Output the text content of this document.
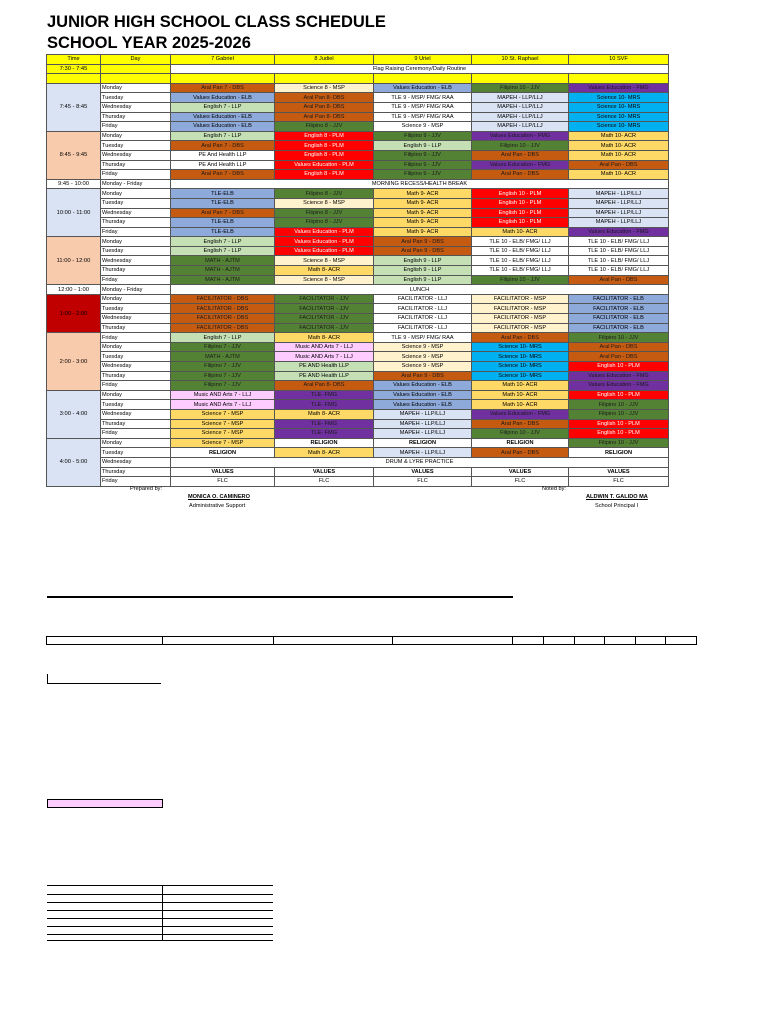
JUNIOR HIGH SCHOOL CLASS SCHEDULE
SCHOOL YEAR 2025-2026
Time	Day	7 Gabriel	8 Judiel	9 Uriel	10 St. Raphael	10 SVF
7:30 - 7:45		Flag Raising Ceremony/Daily Routine				

7:45 - 8:45	Monday	Aral Pan 7 - DBS	Science 8 - MSP	Values Education - ELB	Filipino 10 - JJV	Values Education - FMG
	Tuesday	Values Education - ELB	Aral Pan 8- DBS	TLE 9 - MSP/ FMG/ RAA	MAPEH - LLP/LLJ	Science 10- MRS
	Wednesday	English 7 - LLP	Aral Pan 8- DBS	TLE 9 - MSP/ FMG/ RAA	MAPEH - LLP/LLJ	Science 10- MRS
	Thursday	Values Education - ELB	Aral Pan 8- DBS	TLE 9 - MSP/ FMG/ RAA	MAPEH - LLP/LLJ	Science 10- MRS
	Friday	Values Education - ELB	Filipino 8 - JJV	Science 9 - MSP	MAPEH - LLP/LLJ	Science 10- MRS
8:45 - 9:45	Monday	English 7 - LLP	English 8 - PLM	Filipino 9 - JJV	Values Education - FMG	Math 10- ACR
	Tuesday	Aral Pan 7 - DBS	English 8 - PLM	English 9 - LLP	Filipino 10 - JJV	Math 10- ACR
	Wednesday	PE And Health LLP	English 8 - PLM	Filipino 9 - JJV	Aral Pan - DBS	Math 10- ACR
	Thursday	PE And Health LLP	Values Education - PLM	Filipino 9 - JJV	Values Education - FMG	Aral Pan - DBS
	Friday	Aral Pan 7 - DBS	English 8 - PLM	Filipino 9 - JJV	Aral Pan - DBS	Math 10- ACR
9:45 - 10:00	Monday - Friday	MORNING RECESS/HEALTH BREAK				
10:00 - 11:00	Monday	TLE-ELB	Filipino 8 - JJV	Math 9- ACR	English 10 - PLM	MAPEH - LLP/LLJ
	Tuesday	TLE-ELB	Science 8 - MSP	Math 9- ACR	English 10 - PLM	MAPEH - LLP/LLJ
	Wednesday	Aral Pan 7 - DBS	Filipino 8 - JJV	Math 9- ACR	English 10 - PLM	MAPEH - LLP/LLJ
	Thursday	TLE-ELB	Filipino 8 - JJV	Math 9- ACR	English 10 - PLM	MAPEH - LLP/LLJ
	Friday	TLE-ELB	Values Education - PLM	Math 9- ACR	Math 10- ACR	Values Education - FMG
11:00 - 12:00	Monday	English 7 - LLP	Values Education - PLM	Aral Pan 9 - DBS	TLE 10 - ELB/ FMG/ LLJ	TLE 10 - ELB/ FMG/ LLJ
	Tuesday	English 7 - LLP	Values Education - PLM	Aral Pan 9 - DBS	TLE 10 - ELB/ FMG/ LLJ	TLE 10 - ELB/ FMG/ LLJ
	Wednesday	MATH - AJTM	Science 8 - MSP	English 9 - LLP	TLE 10 - ELB/ FMG/ LLJ	TLE 10 - ELB/ FMG/ LLJ
	Thursday	MATH - AJTM	Math 8- ACR	English 9 - LLP	TLE 10 - ELB/ FMG/ LLJ	TLE 10 - ELB/ FMG/ LLJ
	Friday	MATH - AJTM	Science 8 - MSP	English 9 - LLP	Filipino 10 - JJV	Aral Pan - DBS
12:00 - 1:00	Monday - Friday	LUNCH				
1:00 - 2:00	Monday	FACILITATOR - DBS	FACILITATOR - JJV	FACILITATOR - LLJ	FACILITATOR - MSP	FACILITATOR - ELB
	Tuesday	FACILITATOR - DBS	FACILITATOR - JJV	FACILITATOR - LLJ	FACILITATOR - MSP	FACILITATOR - ELB
	Wednesday	FACILITATOR - DBS	FACILITATOR - JJV	FACILITATOR - LLJ	FACILITATOR - MSP	FACILITATOR - ELB
	Thursday	FACILITATOR - DBS	FACILITATOR - JJV	FACILITATOR - LLJ	FACILITATOR - MSP	FACILITATOR - ELB
2:00 - 3:00	Friday	English 7 - LLP	Math 8- ACR	TLE 9 - MSP/ FMG/ RAA	Aral Pan - DBS	Filipino 10 - JJV
	Monday	Filipino 7 - JJV	Music AND Arts 7 - LLJ	Science 9 - MSP	Science 10- MRS	Aral Pan - DBS
	Tuesday	MATH - AJTM	Music AND Arts 7 - LLJ	Science 9 - MSP	Science 10- MRS	Aral Pan - DBS
	Wednesday	Filipino 7 - JJV	PE AND Health LLP	Science 9 - MSP	Science 10- MRS	English 10 - PLM
	Thursday	Filipino 7 - JJV	PE AND Health LLP	Aral Pan 9 - DBS	Science 10- MRS	Values Education - FMG
	Friday	Filipino 7 - JJV	Aral Pan 8- DBS	Values Education - ELB	Math 10- ACR	Values Education - FMG
3:00 - 4:00	Monday	Music AND Arts 7 - LLJ	TLE- FMG	Values Education - ELB	Math 10- ACR	English 10 - PLM
	Tuesday	Music AND Arts 7 - LLJ	TLE- FMG	Values Education - ELB	Math 10- ACR	Filipino 10 - JJV
	Wednesday	Science 7 - MSP	Math 8- ACR	MAPEH - LLP/LLJ	Values Education - FMG	Filipino 10 - JJV
	Thursday	Science 7 - MSP	TLE- FMG	MAPEH - LLP/LLJ	Aral Pan - DBS	English 10 - PLM
	Friday	Science 7 - MSP	TLE- FMG	MAPEH - LLP/LLJ	Filipino 10 - JJV	English 10 - PLM
4:00 - 5:00	Monday	Science 7 - MSP	RELIGION	RELIGION	RELIGION	Filipino 10 - JJV
	Tuesday	RELIGION	Math 8- ACR	MAPEH - LLP/LLJ	Aral Pan - DBS	RELIGION
	Wednesday	DRUM & LYRE PRACTICE				
	Thursday	VALUES	VALUES	VALUES	VALUES	VALUES
	Friday	FLC	FLC	FLC	FLC	FLC
Prepared by:
MONICA O. CAMINERO
Administrative Support
Noted by:
ALDWIN T. GALIDO MA
School Principal I
